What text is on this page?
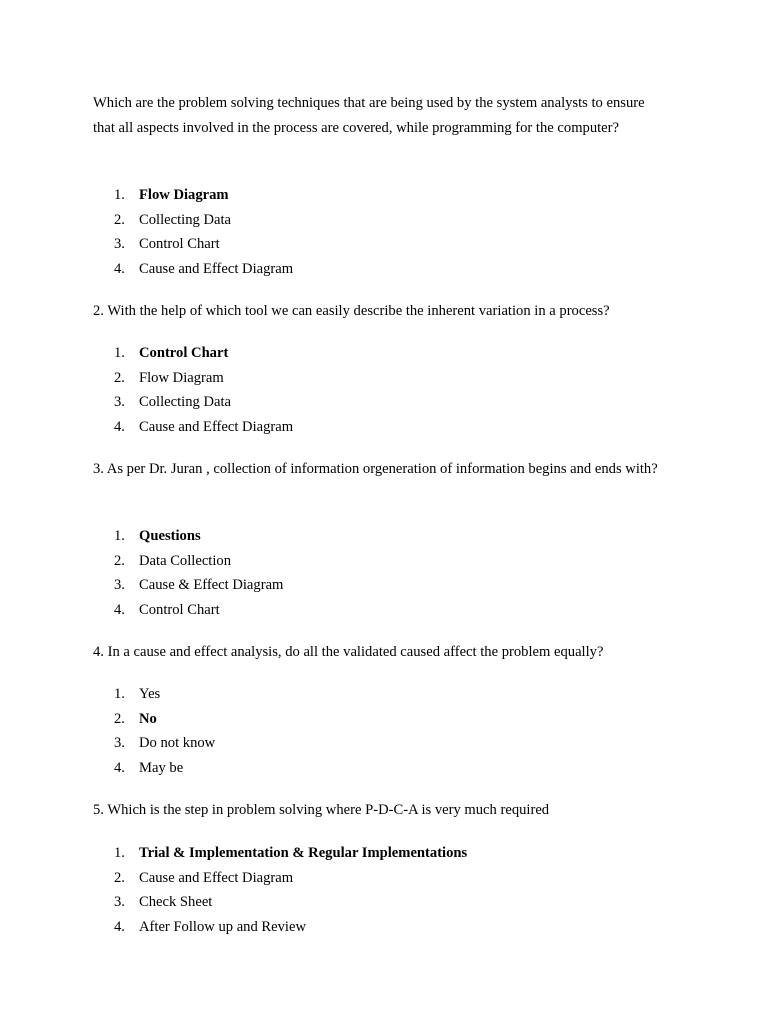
Which are the problem solving techniques that are being used by the system analysts to ensure that all aspects involved in the process are covered, while programming for the computer?

1. Flow Diagram
2. Collecting Data
3. Control Chart
4. Cause and Effect Diagram

2. With the help of which tool we can easily describe the inherent variation in a process?

1. Control Chart
2. Flow Diagram
3. Collecting Data
4. Cause and Effect Diagram

3. As per Dr. Juran , collection of information orgeneration of information begins and ends with?

1. Questions
2. Data Collection
3. Cause & Effect Diagram
4. Control Chart

4. In a cause and effect analysis, do all the validated caused affect the problem equally?

1. Yes
2. No
3. Do not know
4. May be

5. Which is the step in problem solving where P-D-C-A is very much required

1. Trial & Implementation & Regular Implementations
2. Cause and Effect Diagram
3. Check Sheet
4. After Follow up and Review
